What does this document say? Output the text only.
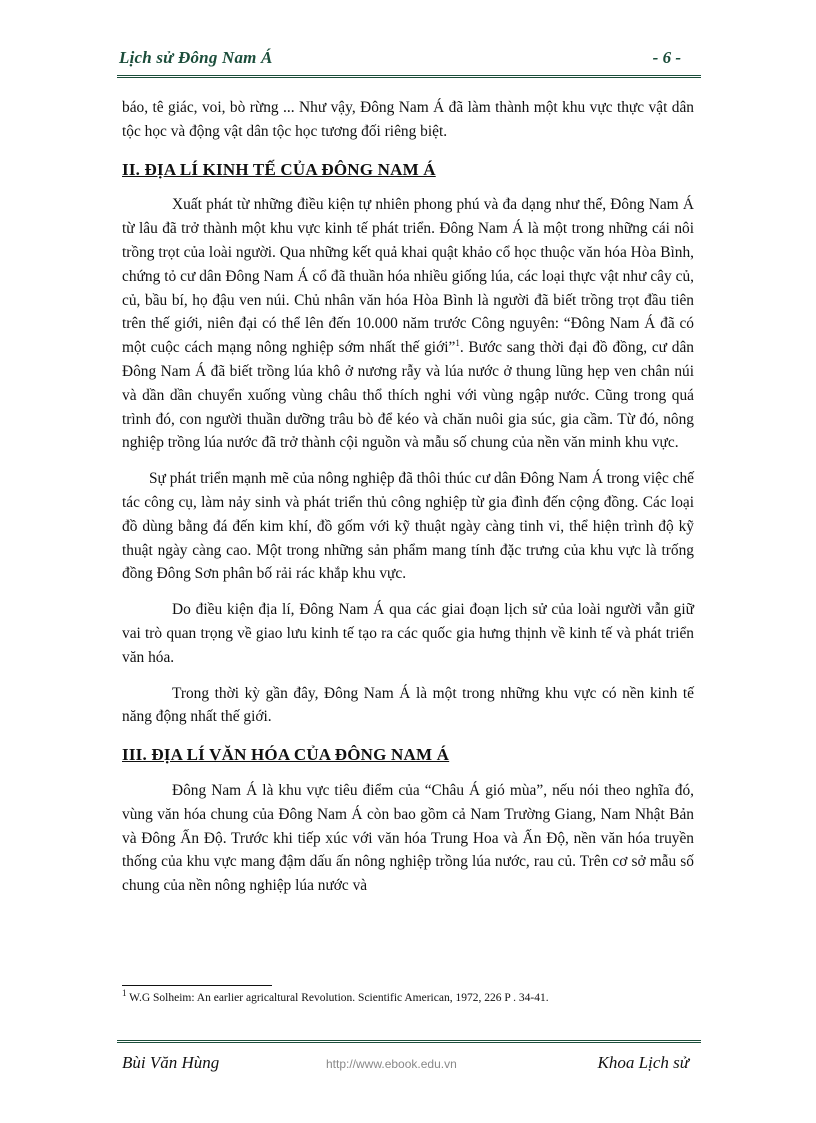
Lịch sử Đông Nam Á	- 6 -

báo, tê giác, voi, bò rừng ... Như vậy, Đông Nam Á đã làm thành một khu vực thực vật dân tộc học và động vật dân tộc học tương đối riêng biệt.

II. ĐỊA LÍ KINH TẾ CỦA ĐÔNG NAM Á

Xuất phát từ những điều kiện tự nhiên phong phú và đa dạng như thế, Đông Nam Á từ lâu đã trở thành một khu vực kinh tế phát triển. Đông Nam Á là một trong những cái nôi trồng trọt của loài người. Qua những kết quả khai quật khảo cổ học thuộc văn hóa Hòa Bình, chứng tỏ cư dân Đông Nam Á cổ đã thuần hóa nhiều giống lúa, các loại thực vật như cây củ, củ, bầu bí, họ đậu ven núi. Chủ nhân văn hóa Hòa Bình là người đã biết trồng trọt đầu tiên trên thế giới, niên đại có thể lên đến 10.000 năm trước Công nguyên: “Đông Nam Á đã có một cuộc cách mạng nông nghiệp sớm nhất thế giới”$^1$. Bước sang thời đại đồ đồng, cư dân Đông Nam Á đã biết trồng lúa khô ở nương rẫy và lúa nước ở thung lũng hẹp ven chân núi và dần dần chuyển xuống vùng châu thổ thích nghi với vùng ngập nước. Cũng trong quá trình đó, con người thuần dưỡng trâu bò để kéo và chăn nuôi gia súc, gia cầm. Từ đó, nông nghiệp trồng lúa nước đã trở thành cội nguồn và mẫu số chung của nền văn minh khu vực.

Sự phát triển mạnh mẽ của nông nghiệp đã thôi thúc cư dân Đông Nam Á trong việc chế tác công cụ, làm nảy sinh và phát triển thủ công nghiệp từ gia đình đến cộng đồng. Các loại đồ dùng bằng đá đến kim khí, đồ gốm với kỹ thuật ngày càng tinh vi, thể hiện trình độ kỹ thuật ngày càng cao. Một trong những sản phẩm mang tính đặc trưng của khu vực là trống đồng Đông Sơn phân bố rải rác khắp khu vực.

Do điều kiện địa lí, Đông Nam Á qua các giai đoạn lịch sử của loài người vẫn giữ vai trò quan trọng về giao lưu kinh tế tạo ra các quốc gia hưng thịnh về kinh tế và phát triển văn hóa.

Trong thời kỳ gần đây, Đông Nam Á là một trong những khu vực có nền kinh tế năng động nhất thế giới.

III. ĐỊA LÍ VĂN HÓA CỦA ĐÔNG NAM Á

Đông Nam Á là khu vực tiêu điểm của “Châu Á gió mùa”, nếu nói theo nghĩa đó, vùng văn hóa chung của Đông Nam Á còn bao gồm cả Nam Trường Giang, Nam Nhật Bản và Đông Ấn Độ. Trước khi tiếp xúc với văn hóa Trung Hoa và Ấn Độ, nền văn hóa truyền thống của khu vực mang đậm dấu ấn nông nghiệp trồng lúa nước, rau củ. Trên cơ sở mẫu số chung của nền nông nghiệp lúa nước và

$^1$ W.G Solheim: An earlier agricaltural Revolution. Scientific American, 1972, 226 P . 34-41.
Bùi Văn Hùng	http://www.ebook.edu.vn	Khoa Lịch sử
